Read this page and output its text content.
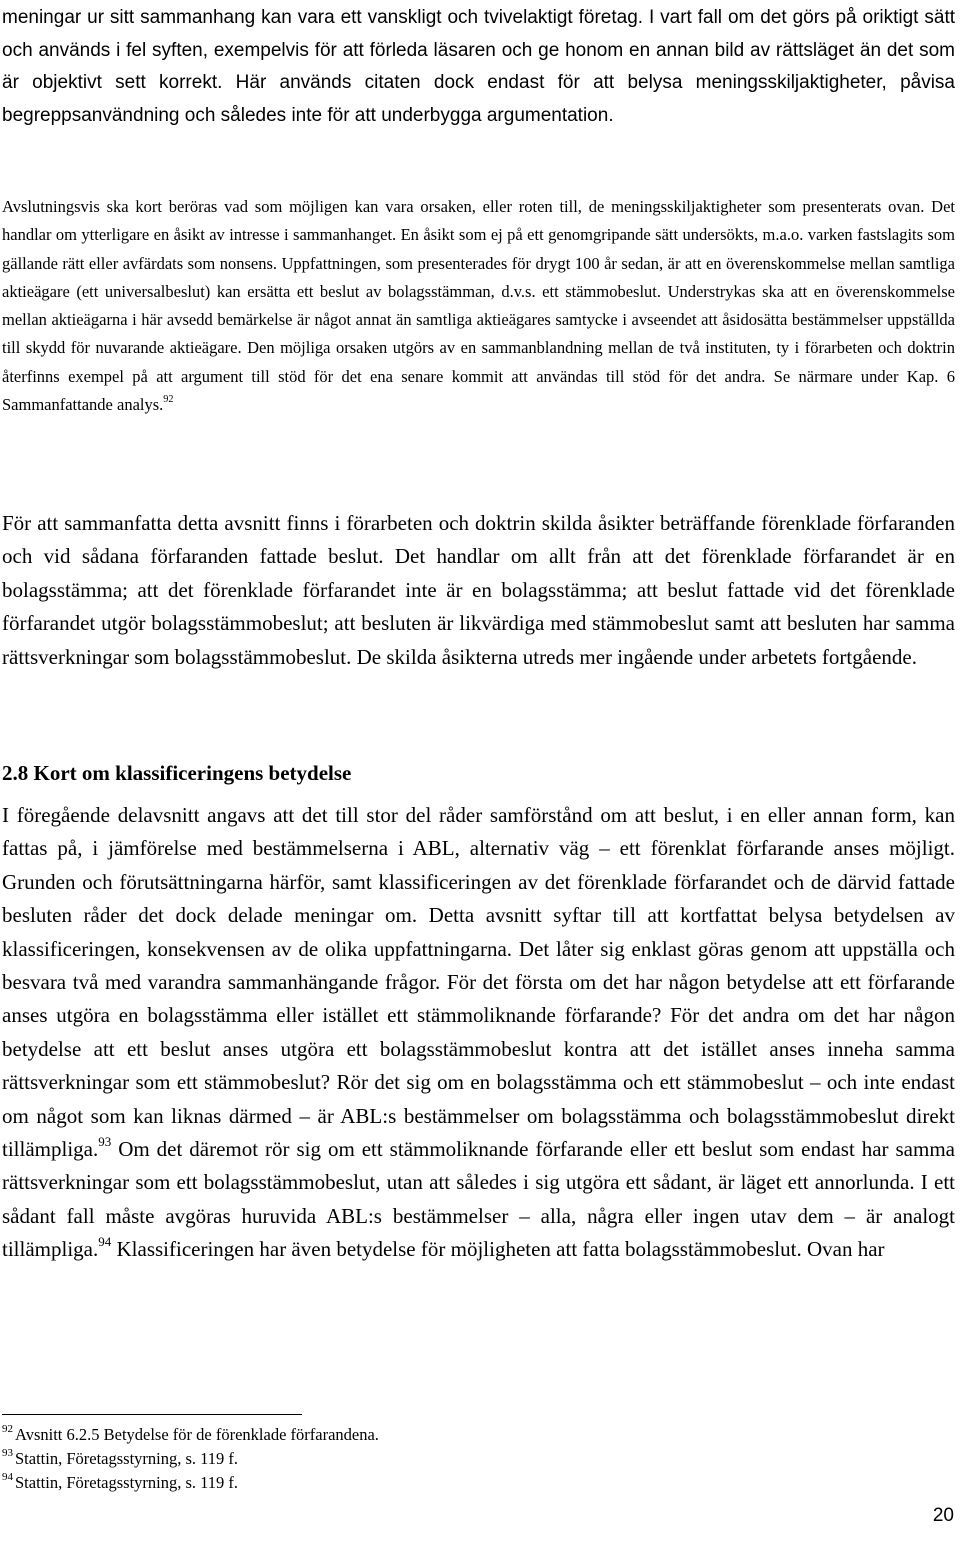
meningar ur sitt sammanhang kan vara ett vanskligt och tvivelaktigt företag. I vart fall om det görs på oriktigt sätt och används i fel syften, exempelvis för att förleda läsaren och ge honom en annan bild av rättsläget än det som är objektivt sett korrekt. Här används citaten dock endast för att belysa meningsskiljaktigheter, påvisa begreppsanvändning och således inte för att underbygga argumentation.

Avslutningsvis ska kort beröras vad som möjligen kan vara orsaken, eller roten till, de meningsskiljaktigheter som presenterats ovan. Det handlar om ytterligare en åsikt av intresse i sammanhanget. En åsikt som ej på ett genomgripande sätt undersökts, m.a.o. varken fastslagits som gällande rätt eller avfärdats som nonsens. Uppfattningen, som presenterades för drygt 100 år sedan, är att en överenskommelse mellan samtliga aktieägare (ett universalbeslut) kan ersätta ett beslut av bolagsstämman, d.v.s. ett stämmobeslut. Understrykas ska att en överenskommelse mellan aktieägarna i här avsedd bemärkelse är något annat än samtliga aktieägares samtycke i avseendet att åsidosätta bestämmelser uppställda till skydd för nuvarande aktieägare. Den möjliga orsaken utgörs av en sammanblandning mellan de två instituten, ty i förarbeten och doktrin återfinns exempel på att argument till stöd för det ena senare kommit att användas till stöd för det andra. Se närmare under Kap. 6 Sammanfattande analys.$^{92}$

För att sammanfatta detta avsnitt finns i förarbeten och doktrin skilda åsikter beträffande förenklade förfaranden och vid sådana förfaranden fattade beslut. Det handlar om allt från att det förenklade förfarandet är en bolagsstämma; att det förenklade förfarandet inte är en bolagsstämma; att beslut fattade vid det förenklade förfarandet utgör bolagsstämmobeslut; att besluten är likvärdiga med stämmobeslut samt att besluten har samma rättsverkningar som bolagsstämmobeslut. De skilda åsikterna utreds mer ingående under arbetets fortgående.

2.8 Kort om klassificeringens betydelse

I föregående delavsnitt angavs att det till stor del råder samförstånd om att beslut, i en eller annan form, kan fattas på, i jämförelse med bestämmelserna i ABL, alternativ väg – ett förenklat förfarande anses möjligt. Grunden och förutsättningarna härför, samt klassificeringen av det förenklade förfarandet och de därvid fattade besluten råder det dock delade meningar om. Detta avsnitt syftar till att kortfattat belysa betydelsen av klassificeringen, konsekvensen av de olika uppfattningarna. Det låter sig enklast göras genom att uppställa och besvara två med varandra sammanhängande frågor. För det första om det har någon betydelse att ett förfarande anses utgöra en bolagsstämma eller istället ett stämmoliknande förfarande? För det andra om det har någon betydelse att ett beslut anses utgöra ett bolagsstämmobeslut kontra att det istället anses inneha samma rättsverkningar som ett stämmobeslut? Rör det sig om en bolagsstämma och ett stämmobeslut – och inte endast om något som kan liknas därmed – är ABL:s bestämmelser om bolagsstämma och bolagsstämmobeslut direkt tillämpliga.$^{93}$ Om det däremot rör sig om ett stämmoliknande förfarande eller ett beslut som endast har samma rättsverkningar som ett bolagsstämmobeslut, utan att således i sig utgöra ett sådant, är läget ett annorlunda. I ett sådant fall måste avgöras huruvida ABL:s bestämmelser – alla, några eller ingen utav dem – är analogt tillämpliga.$^{94}$ Klassificeringen har även betydelse för möjligheten att fatta bolagsstämmobeslut. Ovan har

$^{92}$ Avsnitt 6.2.5 Betydelse för de förenklade förfarandena.
$^{93}$ Stattin, Företagsstyrning, s. 119 f.
$^{94}$ Stattin, Företagsstyrning, s. 119 f.
20
